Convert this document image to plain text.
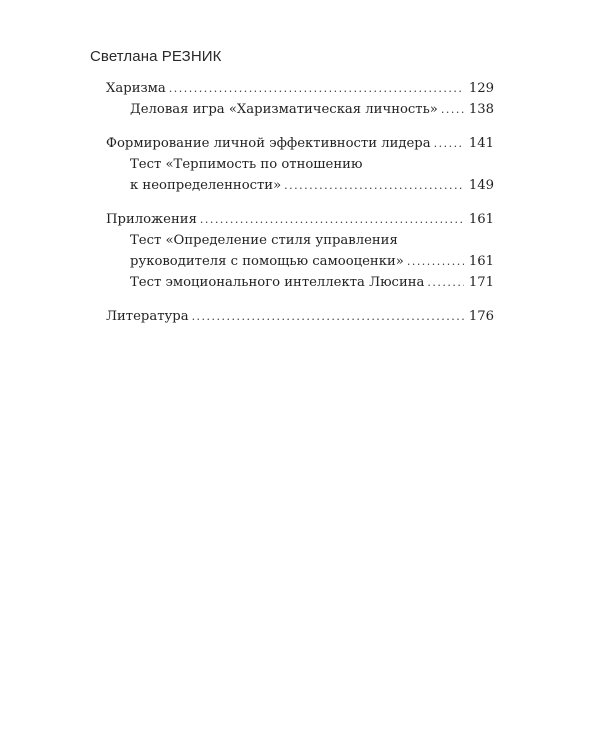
Светлана РЕЗНИК
Харизма . . .	129
Деловая игра «Харизматическая личность» . . . 138
Формирование личной эффективности лидера . . .	141
Тест «Терпимость по отношению
к неопределенности» . . .	149
Приложения . . .	161
Тест «Определение стиля управления
руководителя с помощью самооценки» . . .	161
Тест эмоционального интеллекта Люсина . . .	171
Литература . . .	176
